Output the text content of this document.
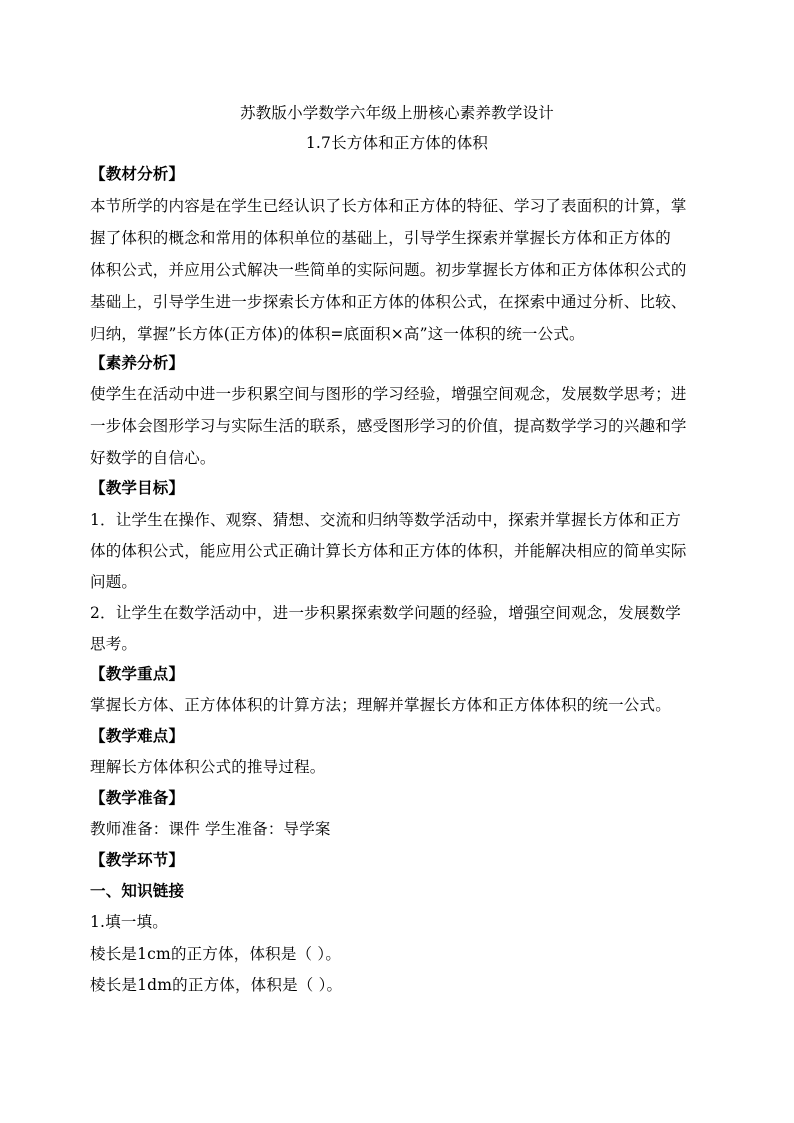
苏教版小学数学六年级上册核心素养教学设计
1.7长方体和正方体的体积
【教材分析】
本节所学的内容是在学生已经认识了长方体和正方体的特征、学习了表面积的计算，掌
握了体积的概念和常用的体积单位的基础上，引导学生探索并掌握长方体和正方体的
体积公式，并应用公式解决一些简单的实际问题。初步掌握长方体和正方体体积公式的
基础上，引导学生进一步探索长方体和正方体的体积公式，在探索中通过分析、比较、
归纳，掌握”长方体(正方体)的体积=底面积×高”这一体积的统一公式。
【素养分析】
使学生在活动中进一步积累空间与图形的学习经验，增强空间观念，发展数学思考；进
一步体会图形学习与实际生活的联系，感受图形学习的价值，提高数学学习的兴趣和学
好数学的自信心。
【教学目标】
1．让学生在操作、观察、猜想、交流和归纳等数学活动中，探索并掌握长方体和正方
体的体积公式，能应用公式正确计算长方体和正方体的体积，并能解决相应的简单实际
问题。
2．让学生在数学活动中，进一步积累探索数学问题的经验，增强空间观念，发展数学
思考。
【教学重点】
掌握长方体、正方体体积的计算方法；理解并掌握长方体和正方体体积的统一公式。
【教学难点】
理解长方体体积公式的推导过程。
【教学准备】
教师准备：课件 学生准备：导学案
【教学环节】
一、知识链接
1.填一填。
棱长是1cm的正方体，体积是（ ）。
棱长是1dm的正方体，体积是（ ）。
